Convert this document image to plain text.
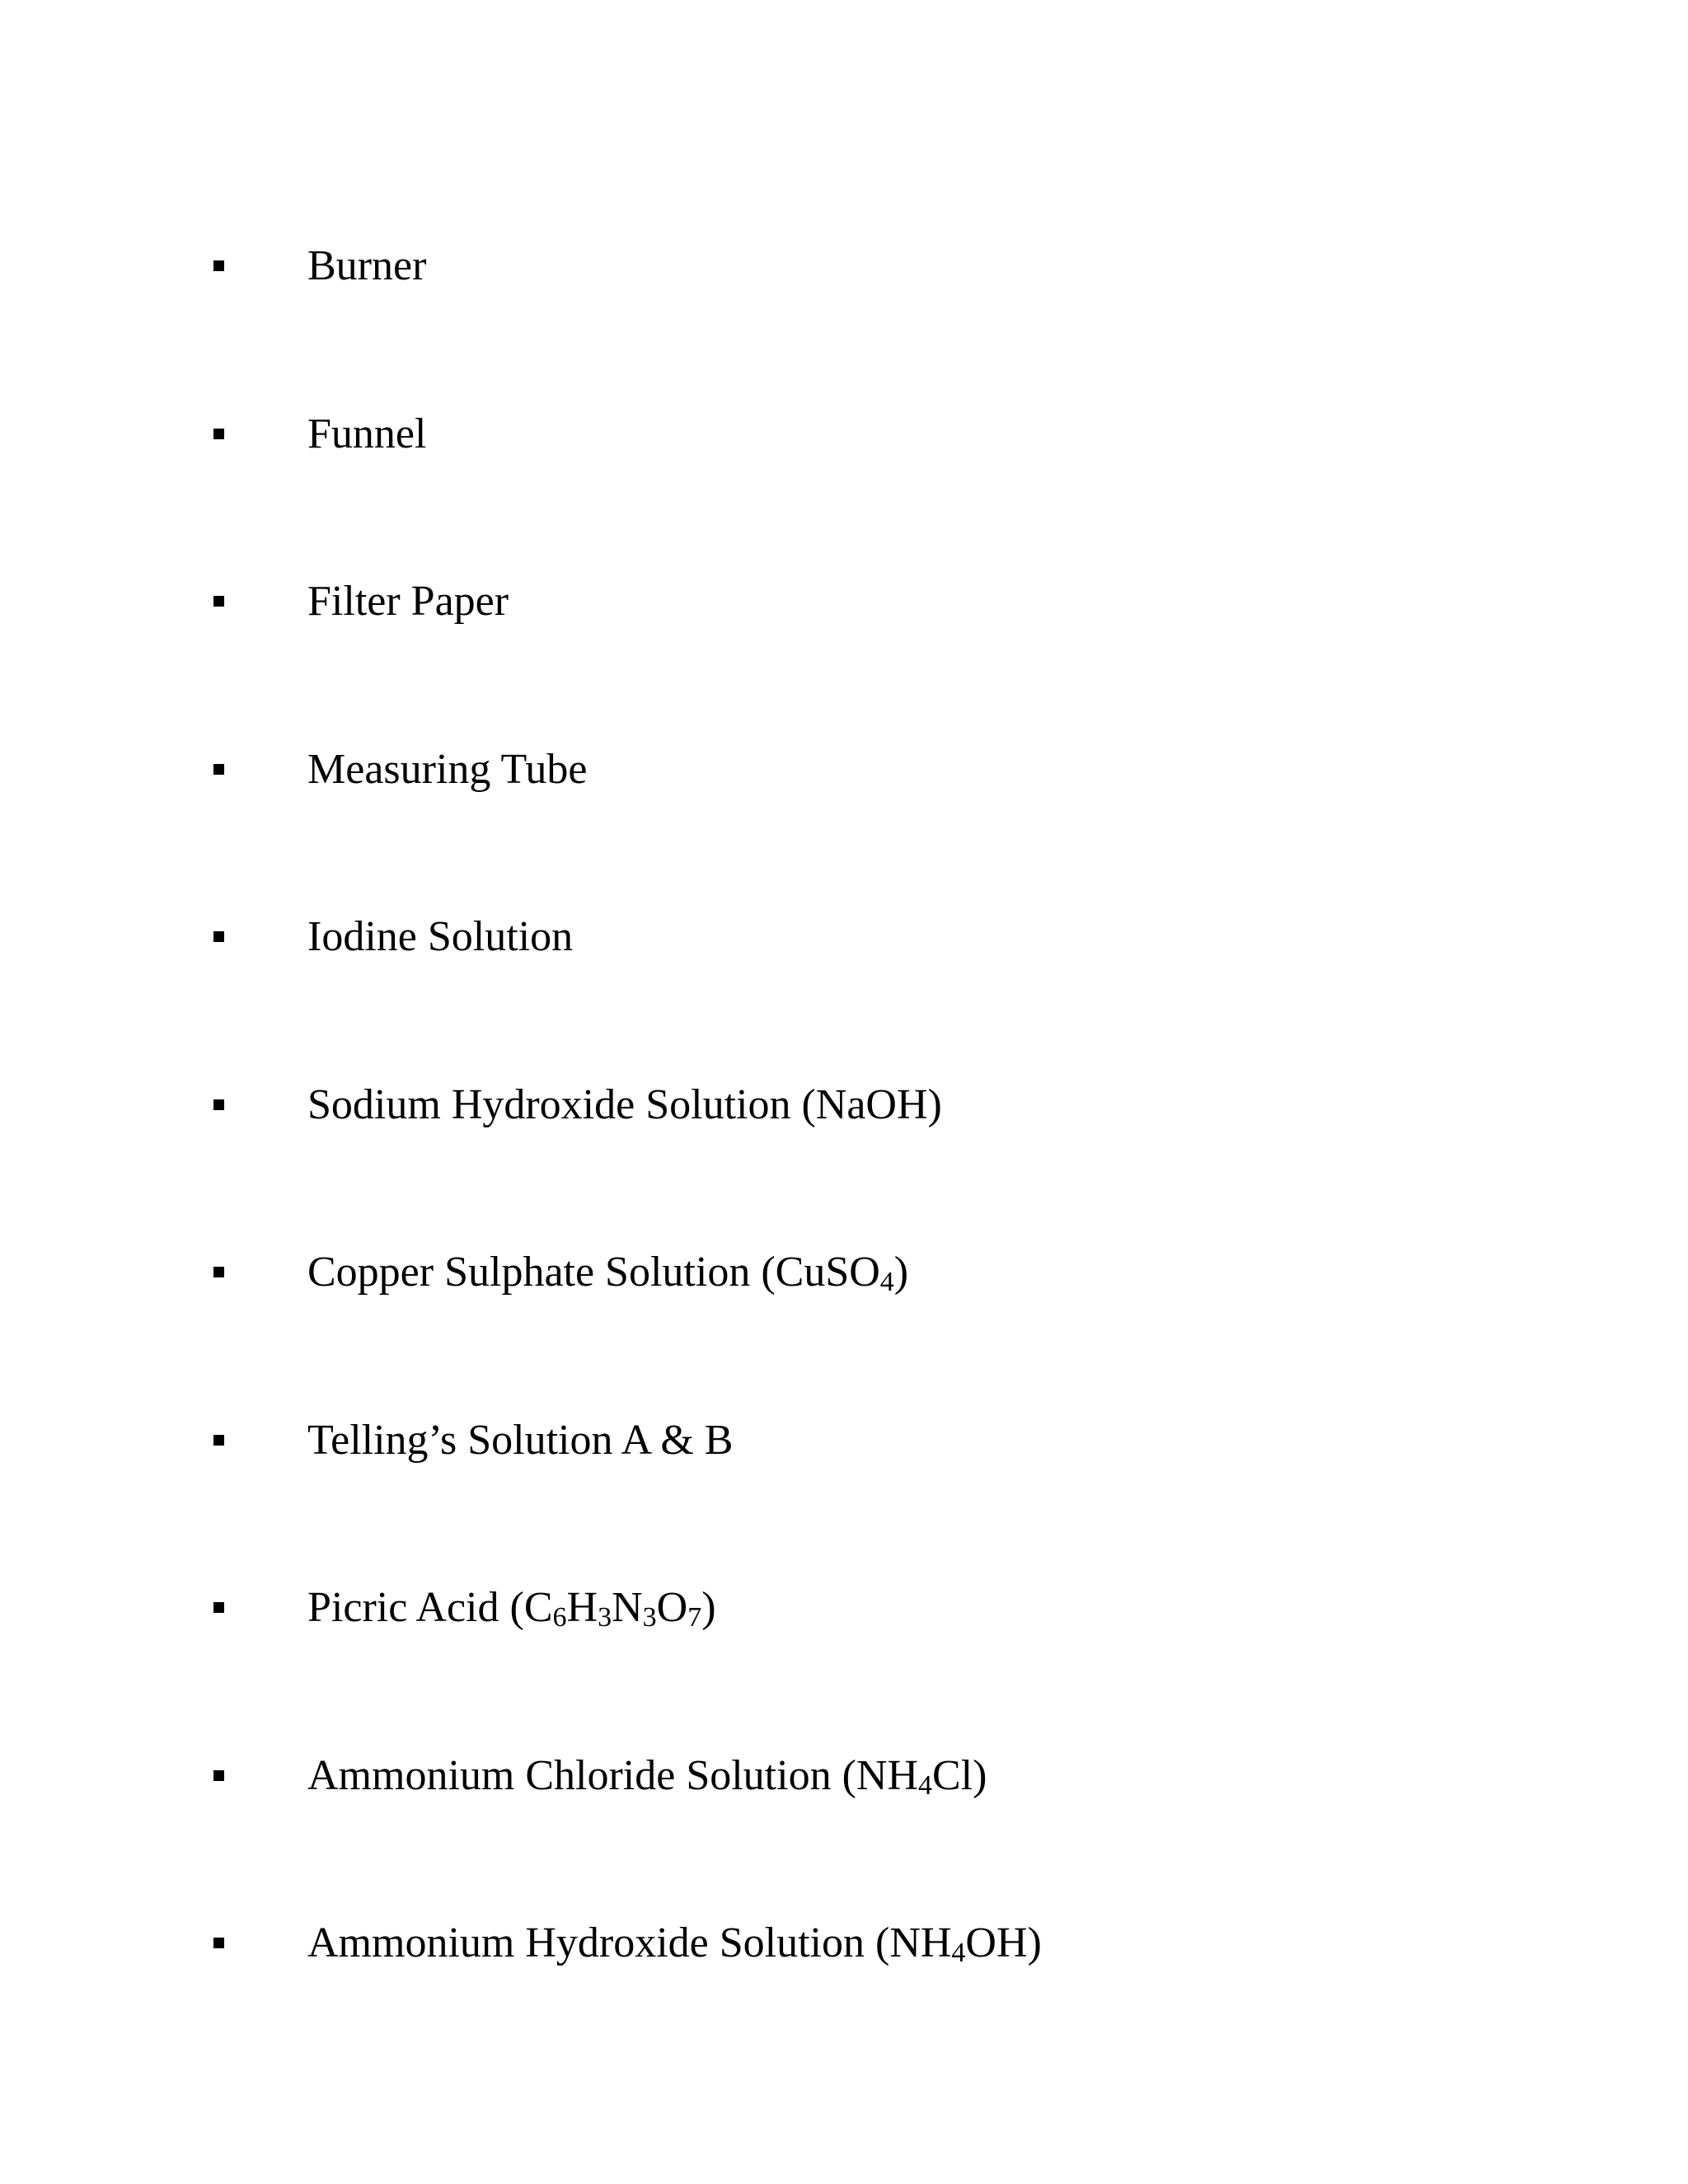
Burner
Funnel
Filter Paper
Measuring Tube
Iodine Solution
Sodium Hydroxide Solution (NaOH)
Copper Sulphate Solution (CuSO$_4$)
Telling’s Solution A & B
Picric Acid $(C_6H_3N_3O_7)$
Ammonium Chloride Solution $(NH_4Cl)$
Ammonium Hydroxide Solution $(NH_4OH)$
